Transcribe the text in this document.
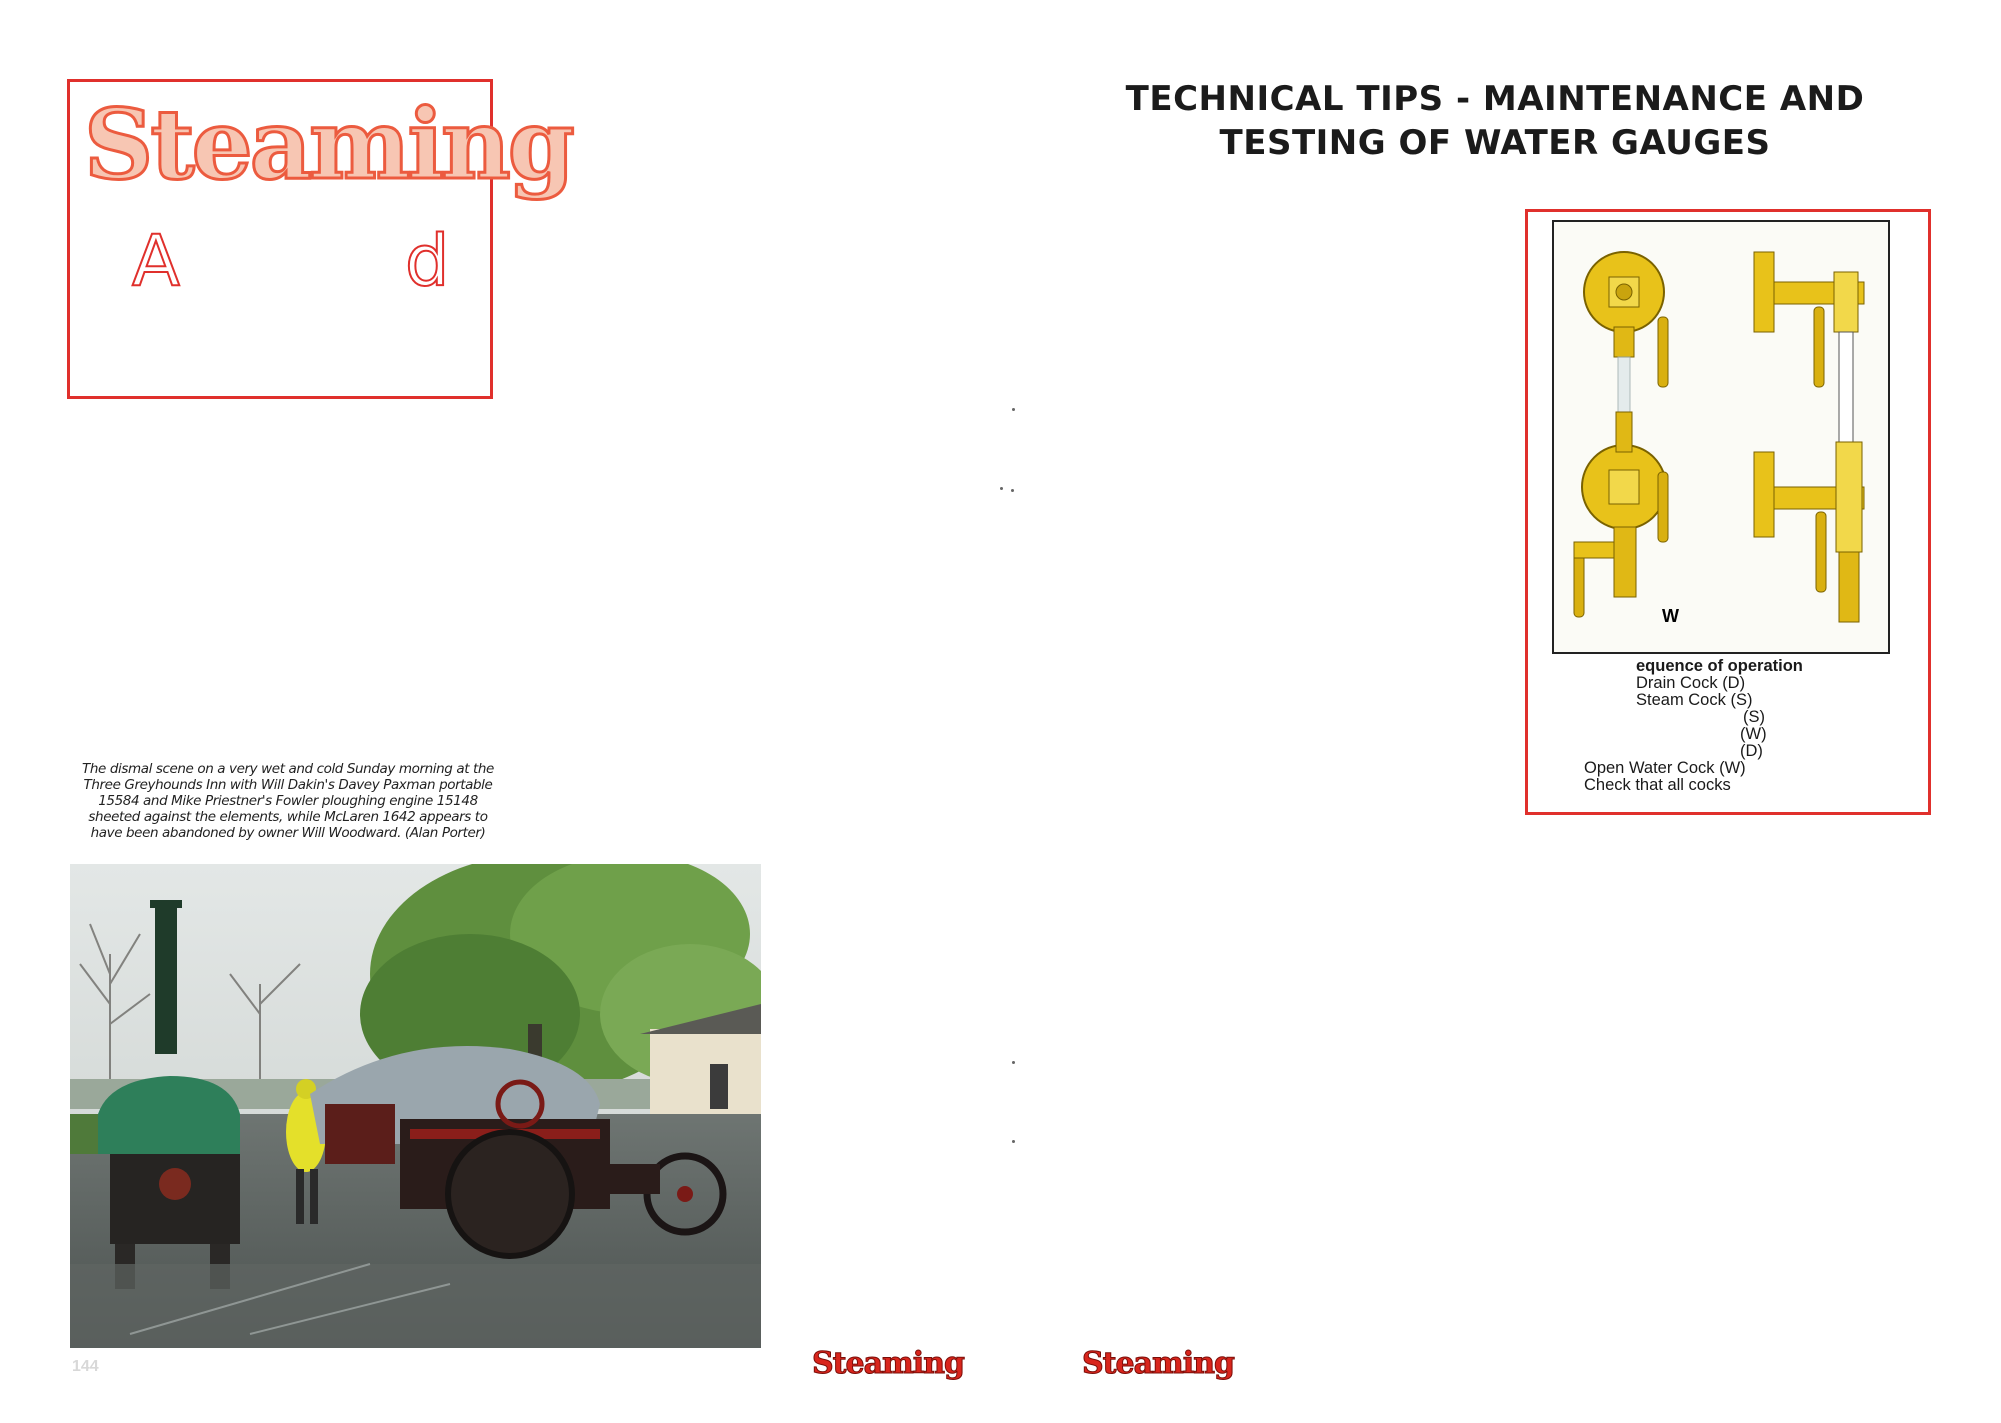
Steaming
A	d
The dismal scene on a very wet and cold Sunday morning at the Three Greyhounds Inn with Will Dakin's Davey Paxman portable 15584 and Mike Priestner's Fowler ploughing engine 15148 sheeted against the elements, while McLaren 1642 appears to have been abandoned by owner Will Woodward. (Alan Porter)
144	Steaming	Steaming
TECHNICAL TIPS - MAINTENANCE AND
TESTING OF WATER GAUGES
W
equence of operation
Drain Cock (D)
Steam Cock (S)
(S)
(W)
(D)
Open Water Cock (W)
Check that all cocks
